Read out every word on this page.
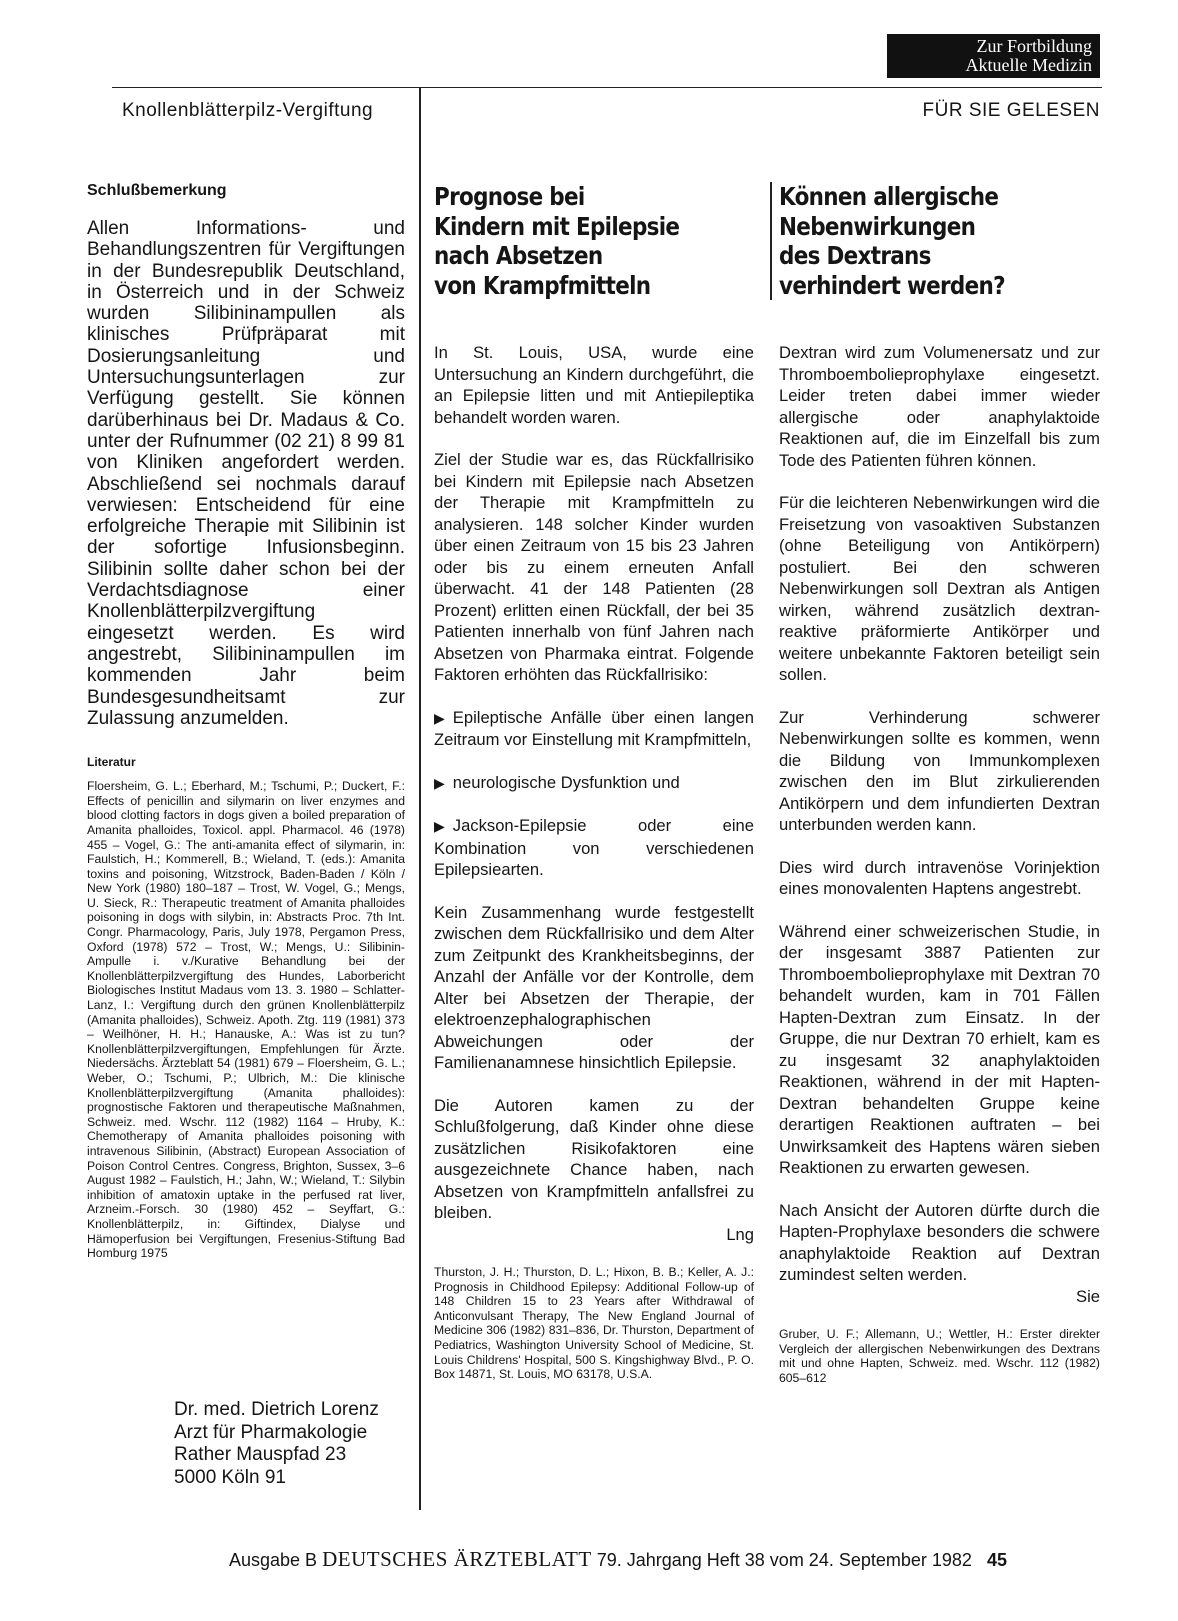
Zur Fortbildung
Aktuelle Medizin
Knollenblätterpilz-Vergiftung	FÜR SIE GELESEN
Schlußbemerkung

Allen Informations- und Behandlungszentren für Vergiftungen in der Bundesrepublik Deutschland, in Österreich und in der Schweiz wurden Silibininampullen als klinisches Prüfpräparat mit Dosierungsanleitung und Untersuchungsunterlagen zur Verfügung gestellt. Sie können darüberhinaus bei Dr. Madaus & Co. unter der Rufnummer (02 21) 8 99 81 von Kliniken angefordert werden. Abschließend sei nochmals darauf verwiesen: Entscheidend für eine erfolgreiche Therapie mit Silibinin ist der sofortige Infusionsbeginn. Silibinin sollte daher schon bei der Verdachtsdiagnose einer Knollenblätterpilzvergiftung eingesetzt werden. Es wird angestrebt, Silibininampullen im kommenden Jahr beim Bundesgesundheitsamt zur Zulassung anzumelden.

Literatur

Floersheim, G. L.; Eberhard, M.; Tschumi, P.; Duckert, F.: Effects of penicillin and silymarin on liver enzymes and blood clotting factors in dogs given a boiled preparation of Amanita phalloides, Toxicol. appl. Pharmacol. 46 (1978) 455 – Vogel, G.: The anti-amanita effect of silymarin, in: Faulstich, H.; Kommerell, B.; Wieland, T. (eds.): Amanita toxins and poisoning, Witzstrock, Baden-Baden / Köln / New York (1980) 180–187 – Trost, W. Vogel, G.; Mengs, U. Sieck, R.: Therapeutic treatment of Amanita phalloides poisoning in dogs with silybin, in: Abstracts Proc. 7th Int. Congr. Pharmacology, Paris, July 1978, Pergamon Press, Oxford (1978) 572 – Trost, W.; Mengs, U.: Silibinin-Ampulle i. v./Kurative Behandlung bei der Knollenblätterpilzvergiftung des Hundes, Laborbericht Biologisches Institut Madaus vom 13. 3. 1980 – Schlatter-Lanz, I.: Vergiftung durch den grünen Knollenblätterpilz (Amanita phalloides), Schweiz. Apoth. Ztg. 119 (1981) 373 – Weilhöner, H. H.; Hanauske, A.: Was ist zu tun? Knollenblätterpilzvergiftungen, Empfehlungen für Ärzte. Niedersächs. Ärzteblatt 54 (1981) 679 – Floersheim, G. L.; Weber, O.; Tschumi, P.; Ulbrich, M.: Die klinische Knollenblätterpilzvergiftung (Amanita phalloides): prognostische Faktoren und therapeutische Maßnahmen, Schweiz. med. Wschr. 112 (1982) 1164 – Hruby, K.: Chemotherapy of Amanita phalloides poisoning with intravenous Silibinin, (Abstract) European Association of Poison Control Centres. Congress, Brighton, Sussex, 3–6 August 1982 – Faulstich, H.; Jahn, W.; Wieland, T.: Silybin inhibition of amatoxin uptake in the perfused rat liver, Arzneim.-Forsch. 30 (1980) 452 – Seyffart, G.: Knollenblätterpilz, in: Giftindex, Dialyse und Hämoperfusion bei Vergiftungen, Fresenius-Stiftung Bad Homburg 1975

Dr. med. Dietrich Lorenz
Arzt für Pharmakologie
Rather Mauspfad 23
5000 Köln 91
Prognose bei
Kindern mit Epilepsie
nach Absetzen
von Krampfmitteln

In St. Louis, USA, wurde eine Untersuchung an Kindern durchgeführt, die an Epilepsie litten und mit Antiepileptika behandelt worden waren.

Ziel der Studie war es, das Rückfallrisiko bei Kindern mit Epilepsie nach Absetzen der Therapie mit Krampfmitteln zu analysieren. 148 solcher Kinder wurden über einen Zeitraum von 15 bis 23 Jahren oder bis zu einem erneuten Anfall überwacht. 41 der 148 Patienten (28 Prozent) erlitten einen Rückfall, der bei 35 Patienten innerhalb von fünf Jahren nach Absetzen von Pharmaka eintrat. Folgende Faktoren erhöhten das Rückfallrisiko:

▶ Epileptische Anfälle über einen langen Zeitraum vor Einstellung mit Krampfmitteln,

▶ neurologische Dysfunktion und

▶ Jackson-Epilepsie oder eine Kombination von verschiedenen Epilepsiearten.

Kein Zusammenhang wurde festgestellt zwischen dem Rückfallrisiko und dem Alter zum Zeitpunkt des Krankheitsbeginns, der Anzahl der Anfälle vor der Kontrolle, dem Alter bei Absetzen der Therapie, der elektroenzephalographischen Abweichungen oder der Familienanamnese hinsichtlich Epilepsie.

Die Autoren kamen zu der Schlußfolgerung, daß Kinder ohne diese zusätzlichen Risikofaktoren eine ausgezeichnete Chance haben, nach Absetzen von Krampfmitteln anfallsfrei zu bleiben.

Lng

Thurston, J. H.; Thurston, D. L.; Hixon, B. B.; Keller, A. J.: Prognosis in Childhood Epilepsy: Additional Follow-up of 148 Children 15 to 23 Years after Withdrawal of Anticonvulsant Therapy, The New England Journal of Medicine 306 (1982) 831–836, Dr. Thurston, Department of Pediatrics, Washington University School of Medicine, St. Louis Childrens' Hospital, 500 S. Kingshighway Blvd., P. O. Box 14871, St. Louis, MO 63178, U.S.A.

Können allergische
Nebenwirkungen
des Dextrans
verhindert werden?

Dextran wird zum Volumenersatz und zur Thromboembolieprophylaxe eingesetzt. Leider treten dabei immer wieder allergische oder anaphylaktoide Reaktionen auf, die im Einzelfall bis zum Tode des Patienten führen können.

Für die leichteren Nebenwirkungen wird die Freisetzung von vasoaktiven Substanzen (ohne Beteiligung von Antikörpern) postuliert. Bei den schweren Nebenwirkungen soll Dextran als Antigen wirken, während zusätzlich dextran-reaktive präformierte Antikörper und weitere unbekannte Faktoren beteiligt sein sollen.

Zur Verhinderung schwerer Nebenwirkungen sollte es kommen, wenn die Bildung von Immunkomplexen zwischen den im Blut zirkulierenden Antikörpern und dem infundierten Dextran unterbunden werden kann.

Dies wird durch intravenöse Vorinjektion eines monovalenten Haptens angestrebt.

Während einer schweizerischen Studie, in der insgesamt 3887 Patienten zur Thromboembolieprophylaxe mit Dextran 70 behandelt wurden, kam in 701 Fällen Hapten-Dextran zum Einsatz. In der Gruppe, die nur Dextran 70 erhielt, kam es zu insgesamt 32 anaphylaktoiden Reaktionen, während in der mit Hapten-Dextran behandelten Gruppe keine derartigen Reaktionen auftraten – bei Unwirksamkeit des Haptens wären sieben Reaktionen zu erwarten gewesen.

Nach Ansicht der Autoren dürfte durch die Hapten-Prophylaxe besonders die schwere anaphylaktoide Reaktion auf Dextran zumindest selten werden.

Sie

Gruber, U. F.; Allemann, U.; Wettler, H.: Erster direkter Vergleich der allergischen Nebenwirkungen des Dextrans mit und ohne Hapten, Schweiz. med. Wschr. 112 (1982) 605–612

Ausgabe B DEUTSCHES ÄRZTEBLATT 79. Jahrgang Heft 38 vom 24. September 1982 45
